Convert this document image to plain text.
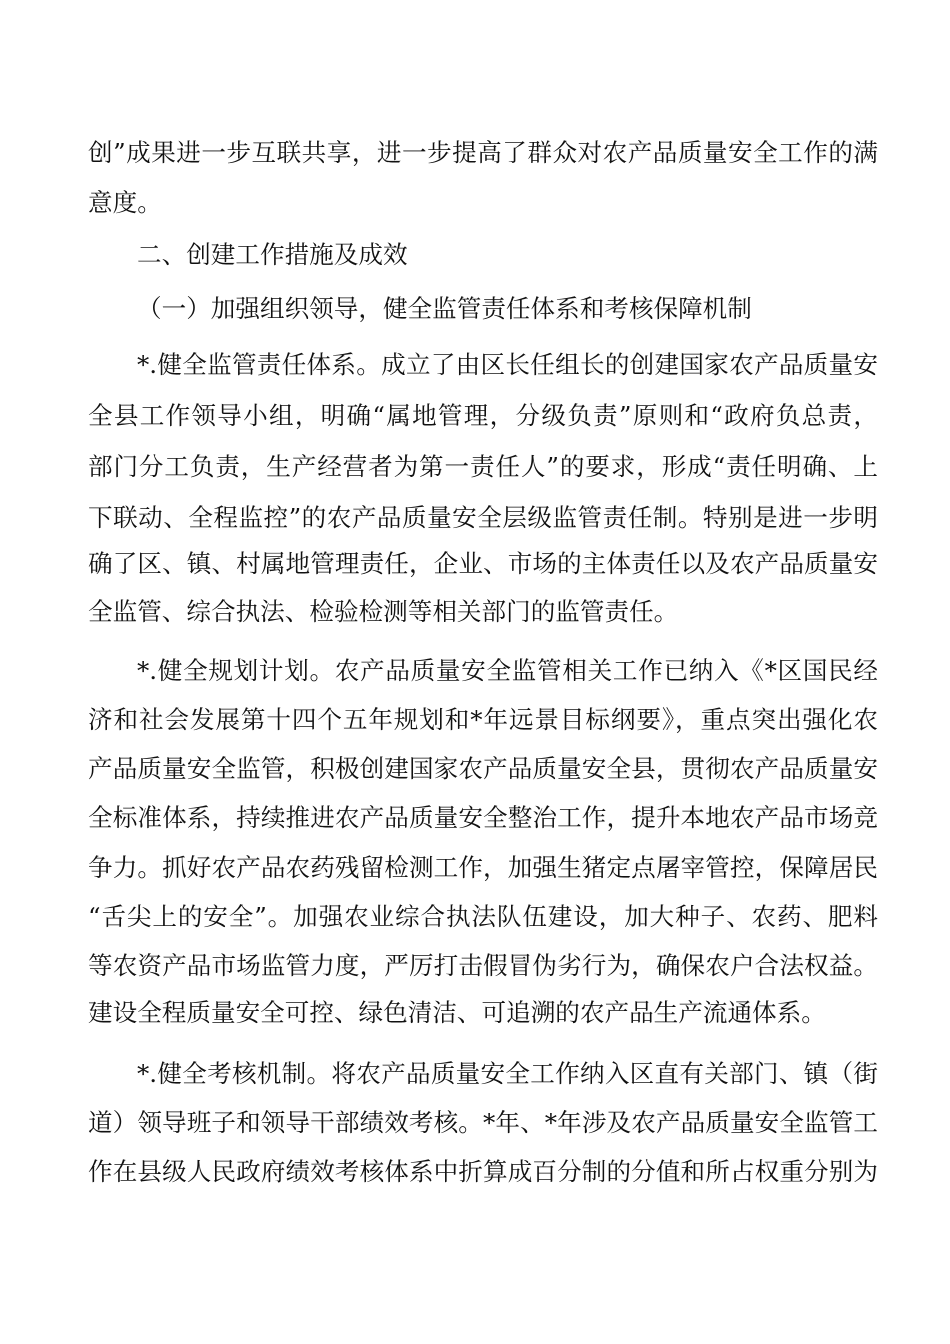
创”成果进一步互联共享，进一步提高了群众对农产品质量安全工作的满
意度。
二、创建工作措施及成效
（一）加强组织领导，健全监管责任体系和考核保障机制
*.健全监管责任体系。成立了由区长任组长的创建国家农产品质量安
全县工作领导小组，明确“属地管理，分级负责”原则和“政府负总责，
部门分工负责，生产经营者为第一责任人”的要求，形成“责任明确、上
下联动、全程监控”的农产品质量安全层级监管责任制。特别是进一步明
确了区、镇、村属地管理责任，企业、市场的主体责任以及农产品质量安
全监管、综合执法、检验检测等相关部门的监管责任。
*.健全规划计划。农产品质量安全监管相关工作已纳入《*区国民经
济和社会发展第十四个五年规划和*年远景目标纲要》，重点突出强化农
产品质量安全监管，积极创建国家农产品质量安全县，贯彻农产品质量安
全标准体系，持续推进农产品质量安全整治工作，提升本地农产品市场竞
争力。抓好农产品农药残留检测工作，加强生猪定点屠宰管控，保障居民
“舌尖上的安全”。加强农业综合执法队伍建设，加大种子、农药、肥料
等农资产品市场监管力度，严厉打击假冒伪劣行为，确保农户合法权益。
建设全程质量安全可控、绿色清洁、可追溯的农产品生产流通体系。
*.健全考核机制。将农产品质量安全工作纳入区直有关部门、镇（街
道）领导班子和领导干部绩效考核。*年、*年涉及农产品质量安全监管工
作在县级人民政府绩效考核体系中折算成百分制的分值和所占权重分别为
